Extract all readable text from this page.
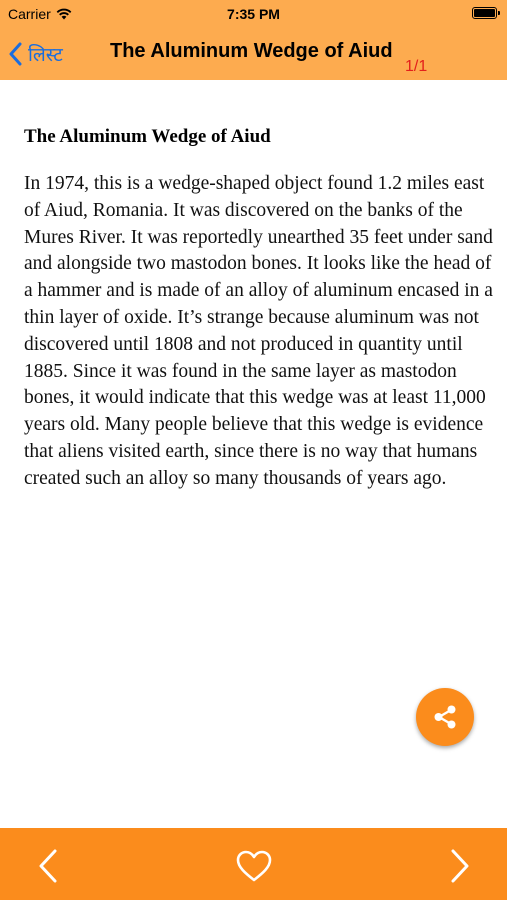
Carrier	7:35 PM
लिस्ट The Aluminum Wedge of Aiud
1/1
The Aluminum Wedge of Aiud
In 1974, this is a wedge-shaped object found 1.2 miles east of Aiud, Romania. It was discovered on the banks of the Mures River. It was reportedly unearthed 35 feet under sand and alongside two mastodon bones. It looks like the head of a hammer and is made of an alloy of aluminum encased in a thin layer of oxide. It’s strange because aluminum was not discovered until 1808 and not produced in quantity until 1885. Since it was found in the same layer as mastodon bones, it would indicate that this wedge was at least 11,000 years old. Many people believe that this wedge is evidence that aliens visited earth, since there is no way that humans created such an alloy so many thousands of years ago.
